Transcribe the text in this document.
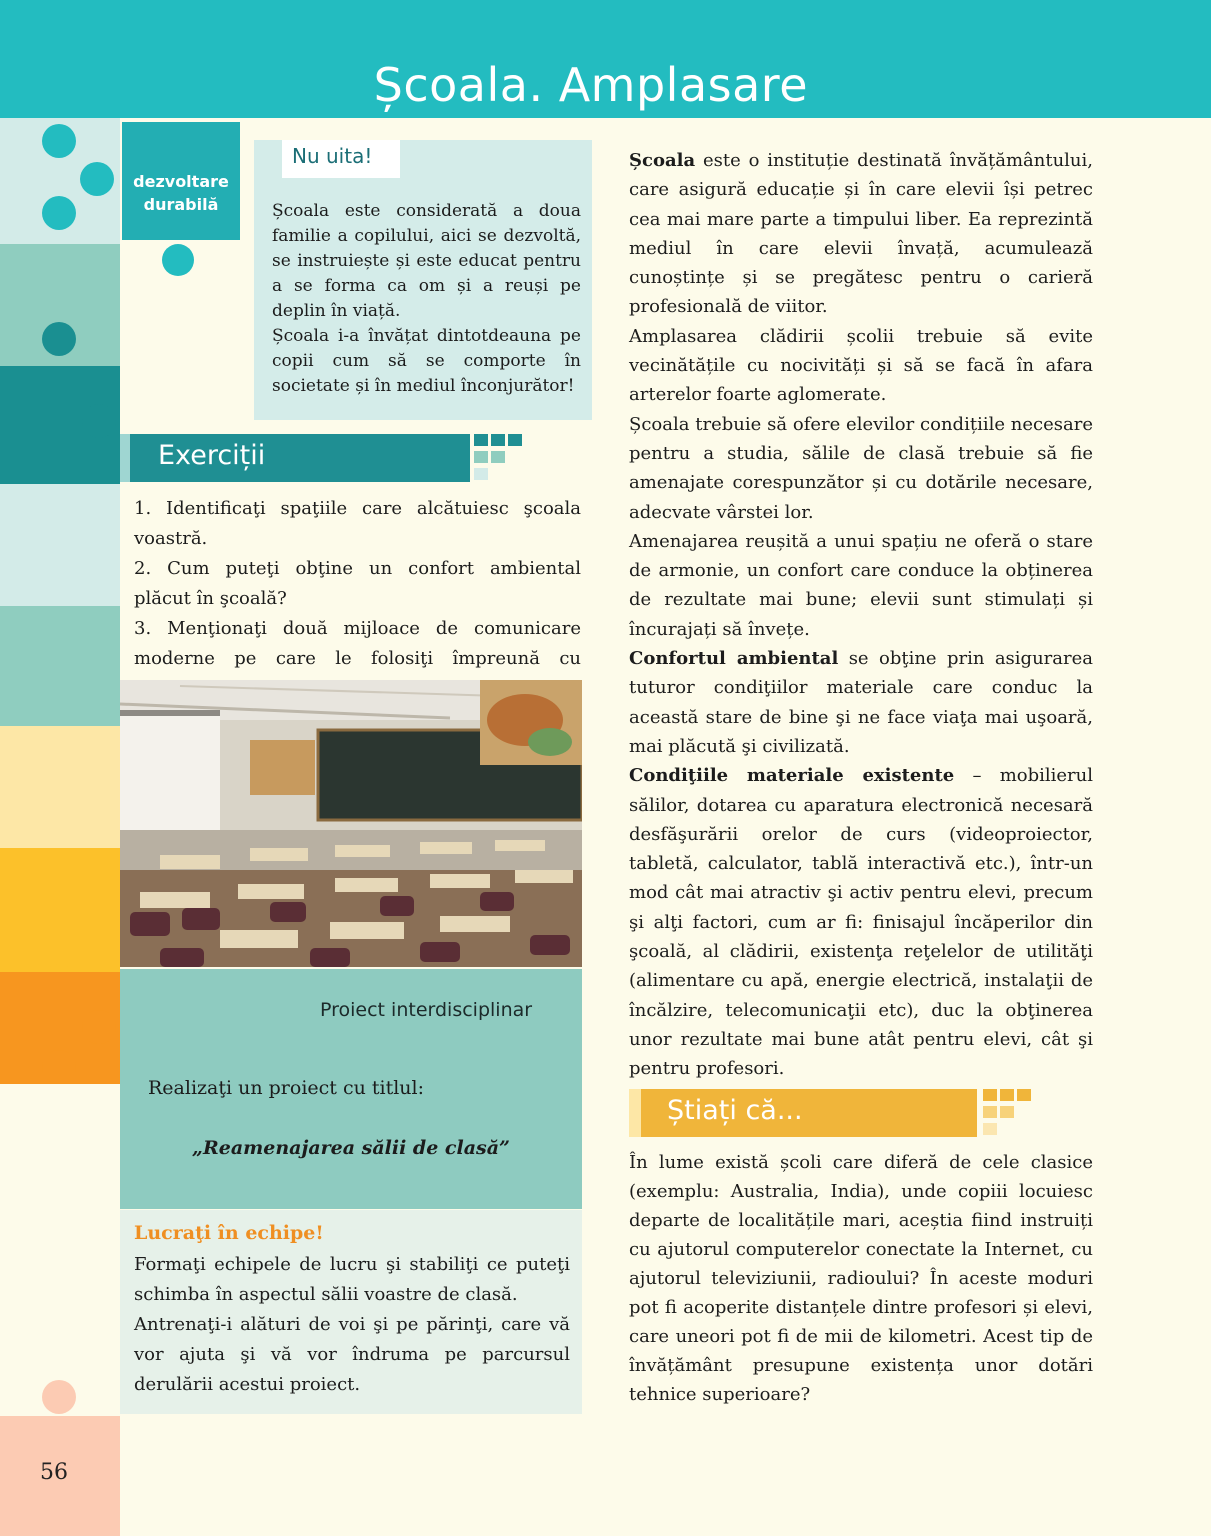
Școala. Amplasare
dezvoltare durabilă
Nu uita!

Școala este considerată a doua familie a copilului, aici se dezvoltă, se instruiește și este educat pentru a se forma ca om și a reuși pe deplin în viață.

Școala i-a învățat dintotdeauna pe copii cum să se comporte în societate și în mediul înconjurător!

Exerciții

1. Identificaţi spaţiile care alcătuiesc şcoala voastră.

2. Cum puteţi obţine un confort ambiental plăcut în şcoală?

3. Menţionaţi două mijloace de comunicare moderne pe care le folosiţi împreună cu

Proiect interdisciplinar
Realizaţi un proiect cu titlul:
„Reamenajarea sălii de clasă”
Lucraţi în echipe!

Formaţi echipele de lucru şi stabiliţi ce puteţi schimba în aspectul sălii voastre de clasă.

Antrenaţi-i alături de voi şi pe părinţi, care vă vor ajuta şi vă vor îndruma pe parcursul derulării acestui proiect.

Școala este o instituție destinată învățământului, care asigură educație și în care elevii își petrec cea mai mare parte a timpului liber. Ea reprezintă mediul în care elevii învață, acumulează cunoștințe și se pregătesc pentru o carieră profesională de viitor.

Amplasarea clădirii școlii trebuie să evite vecinătățile cu nocivități și să se facă în afara arterelor foarte aglomerate.

Școala trebuie să ofere elevilor condițiile necesare pentru a studia, sălile de clasă trebuie să fie amenajate corespunzător și cu dotările necesare, adecvate vârstei lor.

Amenajarea reușită a unui spațiu ne oferă o stare de armonie, un confort care conduce la obținerea de rezultate mai bune; elevii sunt stimulați și încurajați să învețe.

Confortul ambiental se obţine prin asigurarea tuturor condiţiilor materiale care conduc la această stare de bine şi ne face viaţa mai uşoară, mai plăcută şi civilizată.

Condiţiile materiale existente – mobilierul sălilor, dotarea cu aparatura electronică necesară desfăşurării orelor de curs (videoproiector, tabletă, calculator, tablă interactivă etc.), într-un mod cât mai atractiv şi activ pentru elevi, precum şi alţi factori, cum ar fi: finisajul încăperilor din şcoală, al clădirii, existenţa reţelelor de utilităţi (alimentare cu apă, energie electrică, instalaţii de încălzire, telecomunicaţii etc), duc la obţinerea unor rezultate mai bune atât pentru elevi, cât şi pentru profesori.

Știați că...
În lume există școli care diferă de cele clasice (exemplu: Australia, India), unde copiii locuiesc departe de localitățile mari, aceștia fiind instruiți cu ajutorul computerelor conectate la Internet, cu ajutorul televiziunii, radioului? În aceste moduri pot fi acoperite distanțele dintre profesori și elevi, care uneori pot fi de mii de kilometri. Acest tip de învățământ presupune existența unor dotări tehnice superioare?
56
